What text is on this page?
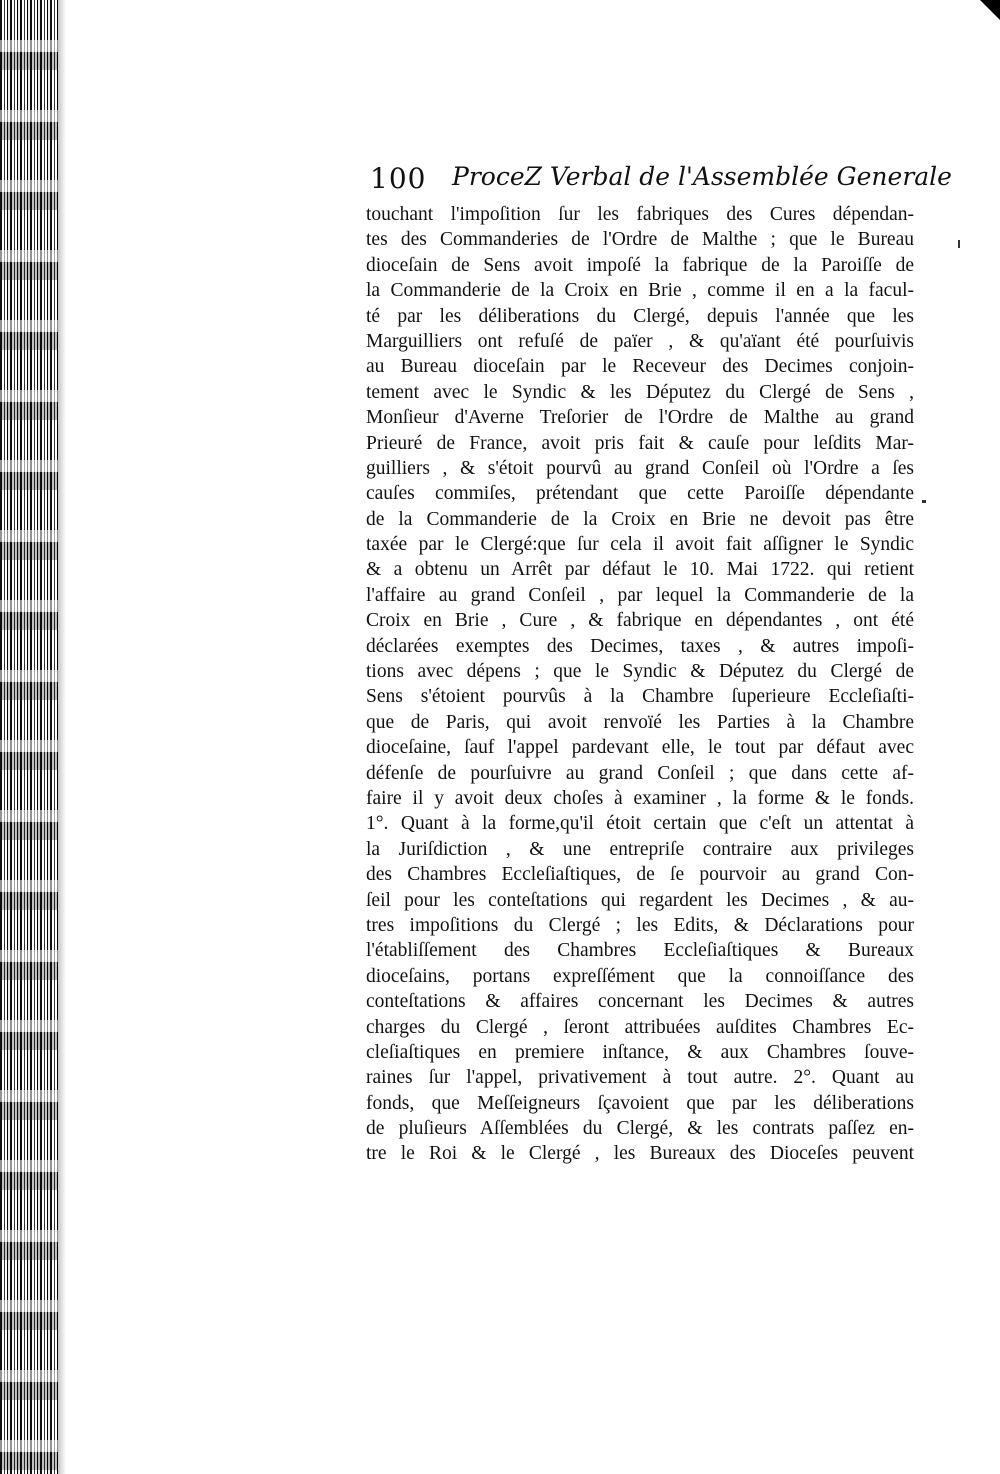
100 ProceZ Verbal de l'Assemblée Generale
touchant l'impoſition ſur les fabriques des Cures dépendan-
tes des Commanderies de l'Ordre de Malthe ; que le Bureau
dioceſain de Sens avoit impoſé la fabrique de la Paroiſſe de
la Commanderie de la Croix en Brie , comme il en a la facul-
té par les déliberations du Clergé, depuis l'année que les
Marguilliers ont refuſé de païer , & qu'aïant été pourſuivis
au Bureau dioceſain par le Receveur des Decimes conjoin-
tement avec le Syndic & les Députez du Clergé de Sens ,
Monſieur d'Averne Treſorier de l'Ordre de Malthe au grand
Prieuré de France, avoit pris fait & cauſe pour leſdits Mar-
guilliers , & s'étoit pourvû au grand Conſeil où l'Ordre a ſes
cauſes commiſes, prétendant que cette Paroiſſe dépendante
de la Commanderie de la Croix en Brie ne devoit pas être
taxée par le Clergé:que ſur cela il avoit fait aſſigner le Syndic
& a obtenu un Arrêt par défaut le 10. Mai 1722. qui retient
l'affaire au grand Conſeil , par lequel la Commanderie de la
Croix en Brie , Cure , & fabrique en dépendantes , ont été
déclarées exemptes des Decimes, taxes , & autres impoſi-
tions avec dépens ; que le Syndic & Députez du Clergé de
Sens s'étoient pourvûs à la Chambre ſuperieure Eccleſiaſti-
que de Paris, qui avoit renvoïé les Parties à la Chambre
dioceſaine, ſauf l'appel pardevant elle, le tout par défaut avec
défenſe de pourſuivre au grand Conſeil ; que dans cette af-
faire il y avoit deux choſes à examiner , la forme & le fonds.
1°. Quant à la forme,qu'il étoit certain que c'eſt un attentat à
la Juriſdiction , & une entrepriſe contraire aux privileges
des Chambres Eccleſiaſtiques, de ſe pourvoir au grand Con-
ſeil pour les conteſtations qui regardent les Decimes , & au-
tres impoſitions du Clergé ; les Edits, & Déclarations pour
l'établiſſement des Chambres Eccleſiaſtiques & Bureaux
dioceſains, portans expreſſément que la connoiſſance des
conteſtations & affaires concernant les Decimes & autres
charges du Clergé , ſeront attribuées auſdites Chambres Ec-
cleſiaſtiques en premiere inſtance, & aux Chambres ſouve-
raines ſur l'appel, privativement à tout autre. 2°. Quant au
fonds, que Meſſeigneurs ſçavoient que par les déliberations
de pluſieurs Aſſemblées du Clergé, & les contrats paſſez en-
tre le Roi & le Clergé , les Bureaux des Dioceſes peuvent
